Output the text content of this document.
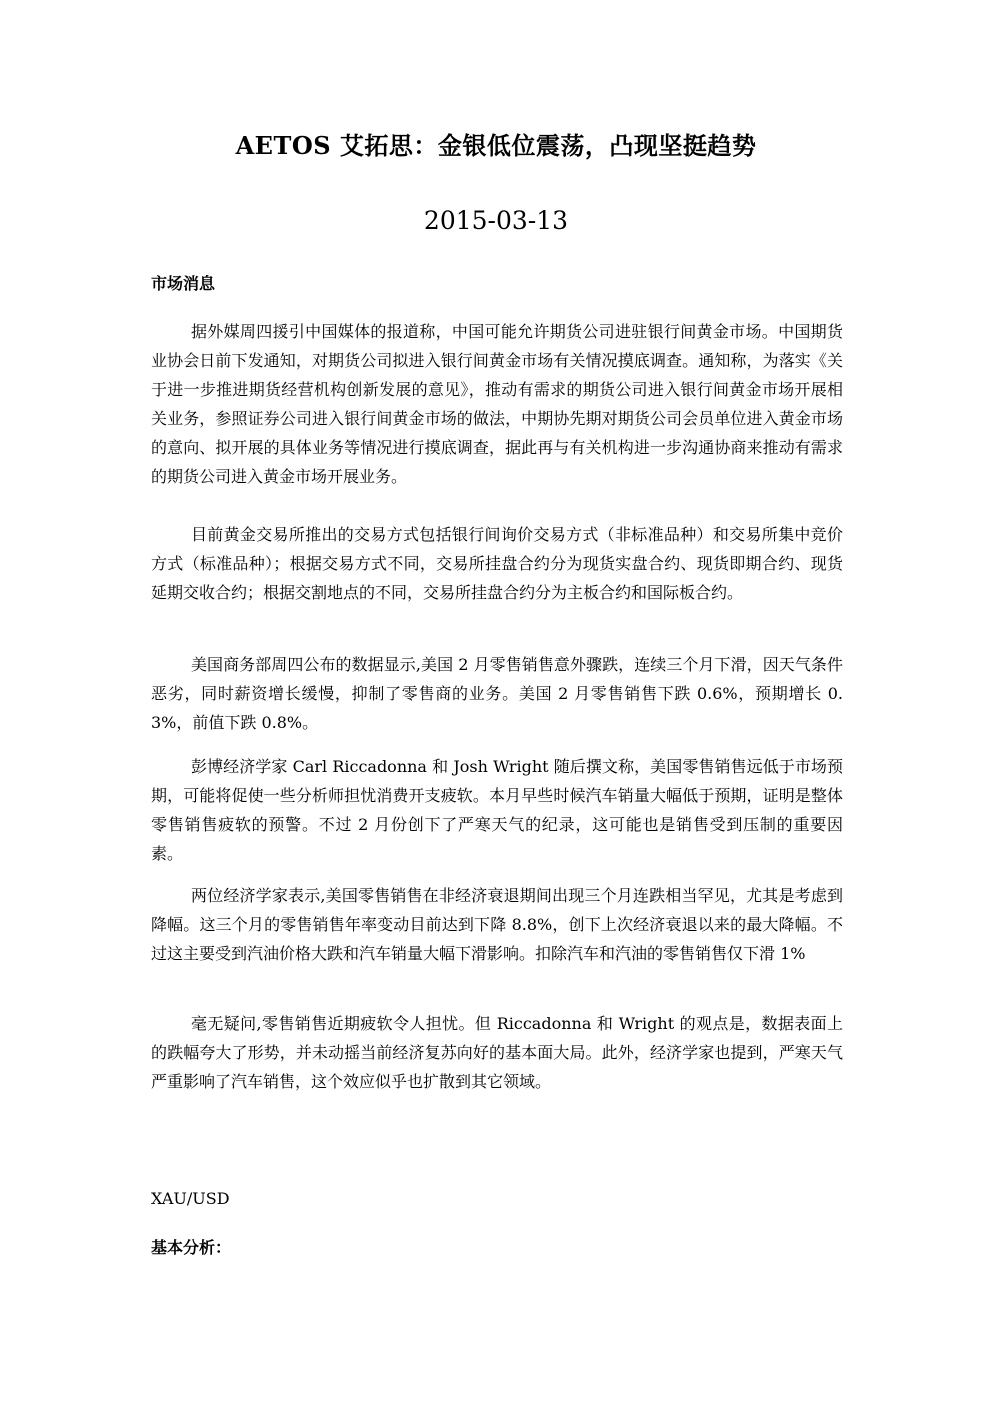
AETOS 艾拓思：金银低位震荡，凸现坚挺趋势
2015-03-13
市场消息

据外媒周四援引中国媒体的报道称，中国可能允许期货公司进驻银行间黄金市场。中国期货业协会日前下发通知，对期货公司拟进入银行间黄金市场有关情况摸底调查。通知称，为落实《关于进一步推进期货经营机构创新发展的意见》，推动有需求的期货公司进入银行间黄金市场开展相关业务，参照证券公司进入银行间黄金市场的做法，中期协先期对期货公司会员单位进入黄金市场的意向、拟开展的具体业务等情况进行摸底调查，据此再与有关机构进一步沟通协商来推动有需求的期货公司进入黄金市场开展业务。

目前黄金交易所推出的交易方式包括银行间询价交易方式（非标准品种）和交易所集中竞价方式（标准品种）；根据交易方式不同，交易所挂盘合约分为现货实盘合约、现货即期合约、现货延期交收合约；根据交割地点的不同，交易所挂盘合约分为主板合约和国际板合约。

美国商务部周四公布的数据显示,美国 2 月零售销售意外骤跌，连续三个月下滑，因天气条件恶劣，同时薪资增长缓慢，抑制了零售商的业务。美国 2 月零售销售下跌 0.6%，预期增长 0.3%，前值下跌 0.8%。

彭博经济学家 Carl Riccadonna 和 Josh Wright 随后撰文称，美国零售销售远低于市场预期，可能将促使一些分析师担忧消费开支疲软。本月早些时候汽车销量大幅低于预期，证明是整体零售销售疲软的预警。不过 2 月份创下了严寒天气的纪录，这可能也是销售受到压制的重要因素。

两位经济学家表示,美国零售销售在非经济衰退期间出现三个月连跌相当罕见，尤其是考虑到降幅。这三个月的零售销售年率变动目前达到下降 8.8%，创下上次经济衰退以来的最大降幅。不过这主要受到汽油价格大跌和汽车销量大幅下滑影响。扣除汽车和汽油的零售销售仅下滑 1%

毫无疑问,零售销售近期疲软令人担忧。但 Riccadonna 和 Wright 的观点是，数据表面上的跌幅夸大了形势，并未动摇当前经济复苏向好的基本面大局。此外，经济学家也提到，严寒天气严重影响了汽车销售，这个效应似乎也扩散到其它领域。

XAU/USD
基本分析：
